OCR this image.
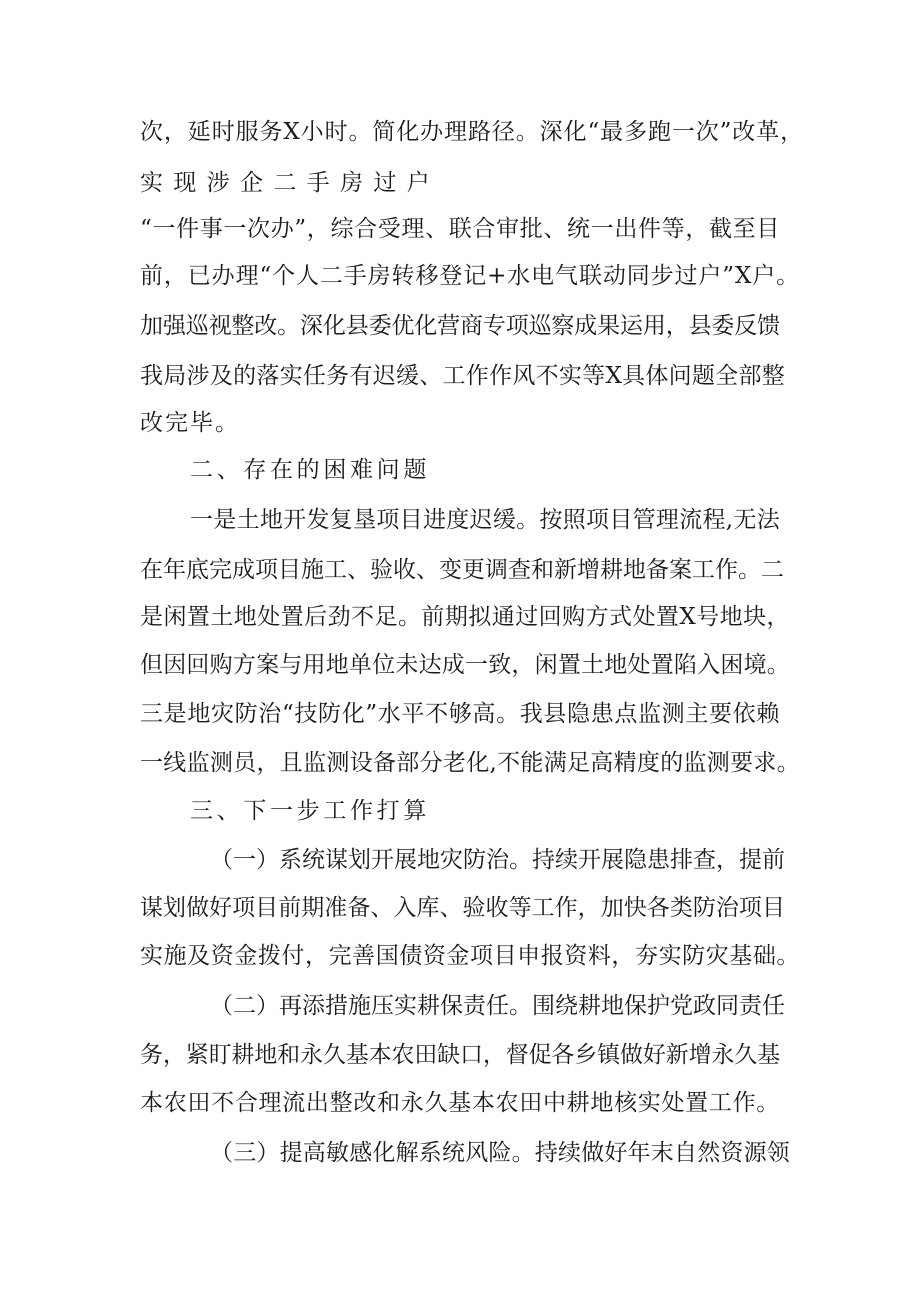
次，延时服务X小时。简化办理路径。深化“最多跑一次”改革，

实现涉企二手房过户

“一件事一次办”，综合受理、联合审批、统一出件等，截至目

前，已办理“个人二手房转移登记+水电气联动同步过户”X户。

加强巡视整改。深化县委优化营商专项巡察成果运用，县委反馈

我局涉及的落实任务有迟缓、工作作风不实等X具体问题全部整

改完毕。

二、存在的困难问题

一是土地开发复垦项目进度迟缓。按照项目管理流程,无法

在年底完成项目施工、验收、变更调查和新增耕地备案工作。二

是闲置土地处置后劲不足。前期拟通过回购方式处置X号地块，

但因回购方案与用地单位未达成一致，闲置土地处置陷入困境。

三是地灾防治“技防化”水平不够高。我县隐患点监测主要依赖

一线监测员，且监测设备部分老化,不能满足高精度的监测要求。

三、下一步工作打算

（一）系统谋划开展地灾防治。持续开展隐患排查，提前

谋划做好项目前期准备、入库、验收等工作，加快各类防治项目

实施及资金拨付，完善国债资金项目申报资料，夯实防灾基础。

（二）再添措施压实耕保责任。围绕耕地保护党政同责任

务，紧盯耕地和永久基本农田缺口，督促各乡镇做好新增永久基

本农田不合理流出整改和永久基本农田中耕地核实处置工作。

（三）提高敏感化解系统风险。持续做好年末自然资源领
